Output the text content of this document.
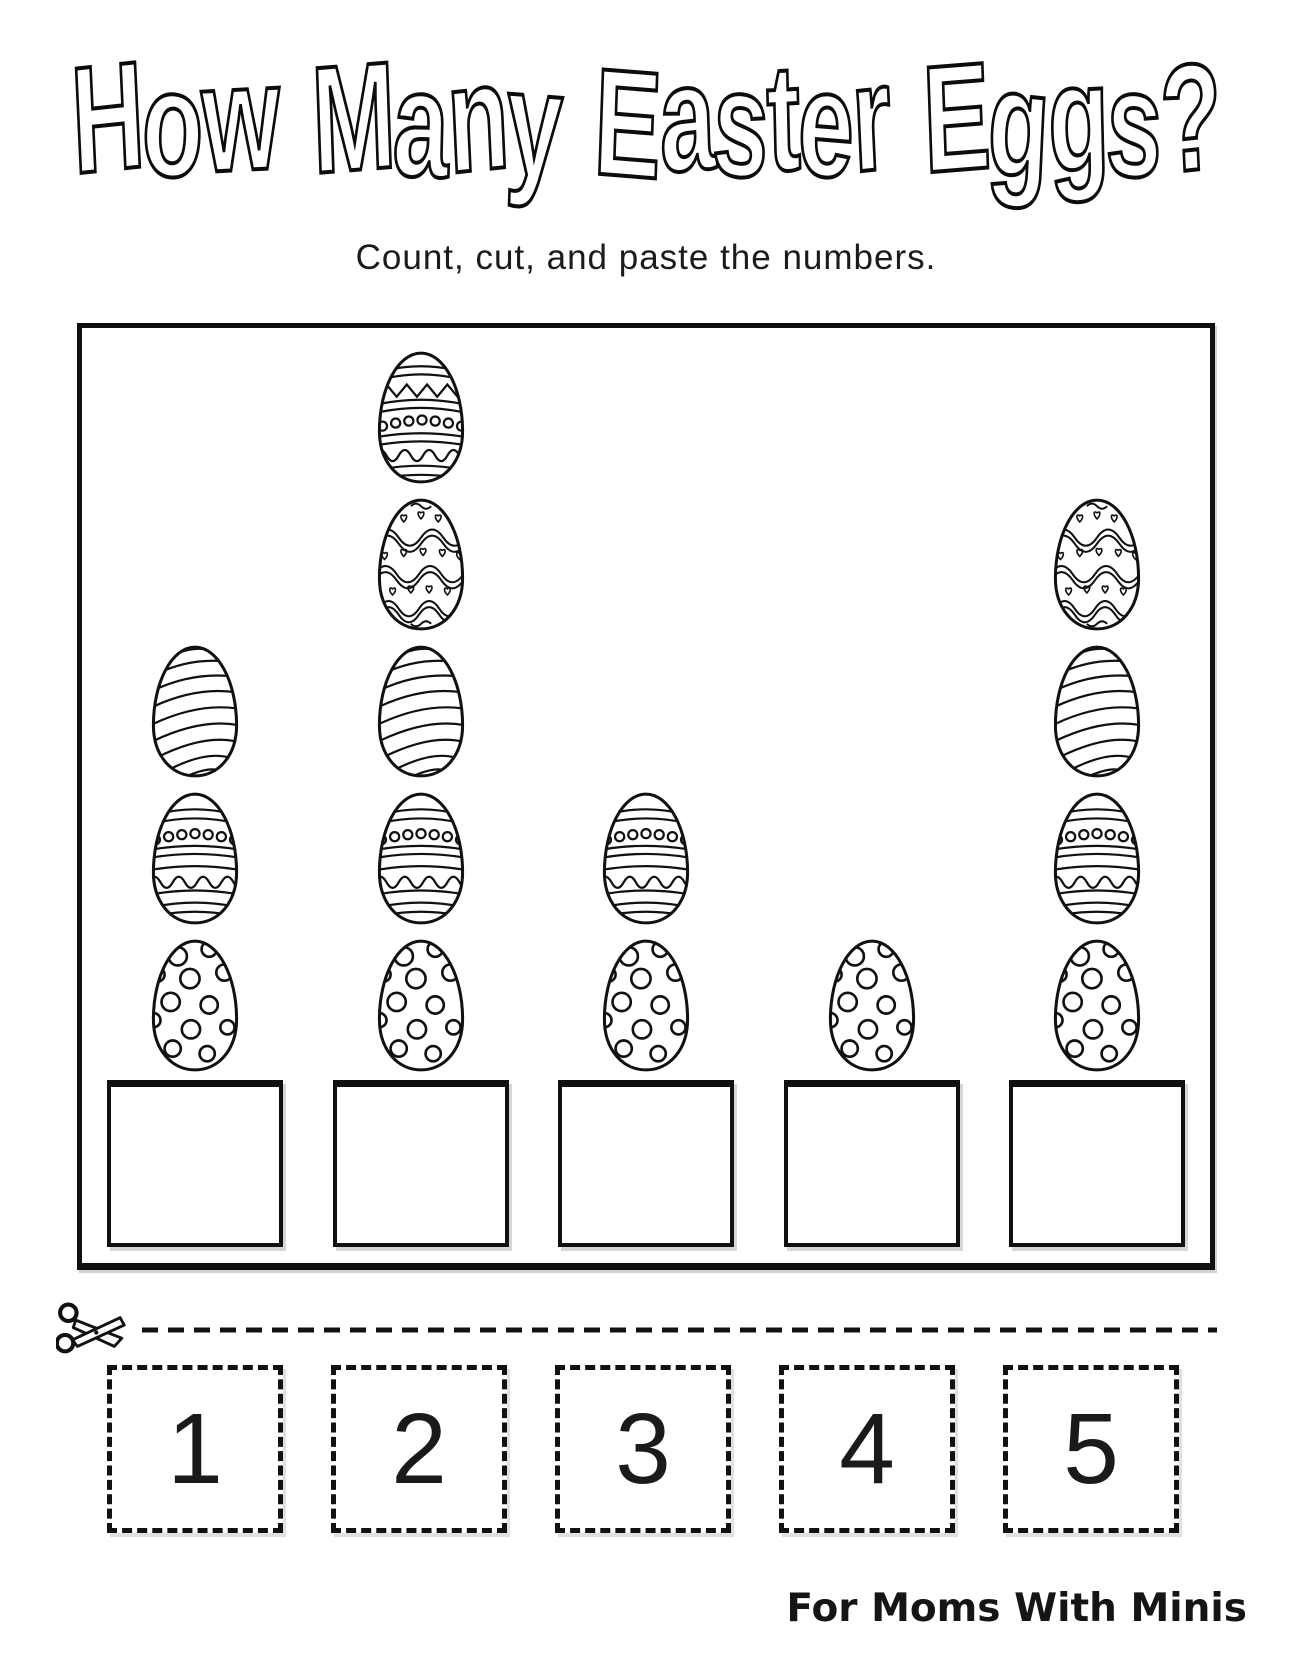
How Many Easter Eggs?

Count, cut, and paste the numbers.

1 2 3 4 5
For Moms With Minis
